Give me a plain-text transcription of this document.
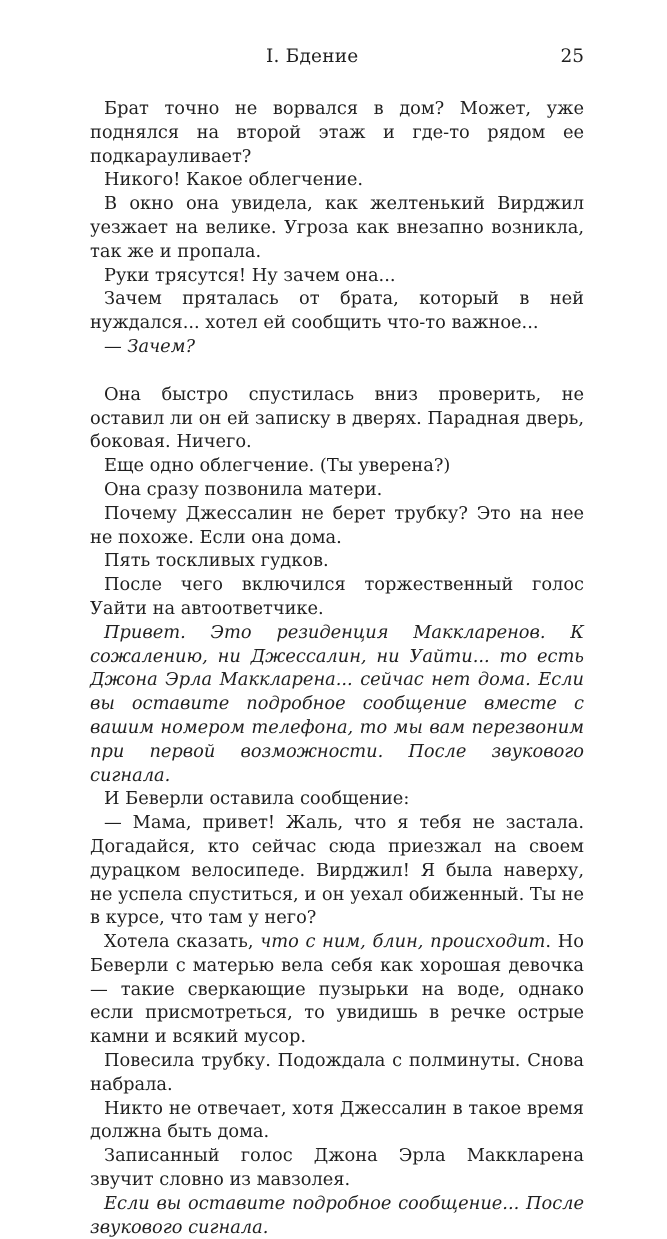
I. Бдение	25

Брат точно не ворвался в дом? Может, уже поднялся на второй этаж и где-то рядом ее подкарауливает?

Никого! Какое облегчение.

В окно она увидела, как желтенький Вирджил уезжает на велике. Угроза как внезапно возникла, так же и пропала.

Руки трясутся! Ну зачем она...

Зачем пряталась от брата, который в ней нуждался... хотел ей сообщить что-то важное...

— Зачем?

Она быстро спустилась вниз проверить, не оставил ли он ей записку в дверях. Парадная дверь, боковая. Ничего.

Еще одно облегчение. (Ты уверена?)

Она сразу позвонила матери.

Почему Джессалин не берет трубку? Это на нее не похоже. Если она дома.

Пять тоскливых гудков.

После чего включился торжественный голос Уайти на автоответчике.

Привет. Это резиденция Маккларенов. К сожалению, ни Джессалин, ни Уайти... то есть Джона Эрла Маккларена... сейчас нет дома. Если вы оставите подробное сообщение вместе с вашим номером телефона, то мы вам перезвоним при первой возможности. После звукового сигнала.

И Беверли оставила сообщение:

— Мама, привет! Жаль, что я тебя не застала. Догадайся, кто сейчас сюда приезжал на своем дурацком велосипеде. Вирджил! Я была наверху, не успела спуститься, и он уехал обиженный. Ты не в курсе, что там у него?

Хотела сказать, что с ним, блин, происходит. Но Беверли с матерью вела себя как хорошая девочка — такие сверкающие пузырьки на воде, однако если присмотреться, то увидишь в речке острые камни и всякий мусор.

Повесила трубку. Подождала с полминуты. Снова набрала.

Никто не отвечает, хотя Джессалин в такое время должна быть дома.

Записанный голос Джона Эрла Маккларена звучит словно из мавзолея.

Если вы оставите подробное сообщение... После звукового сигнала.
